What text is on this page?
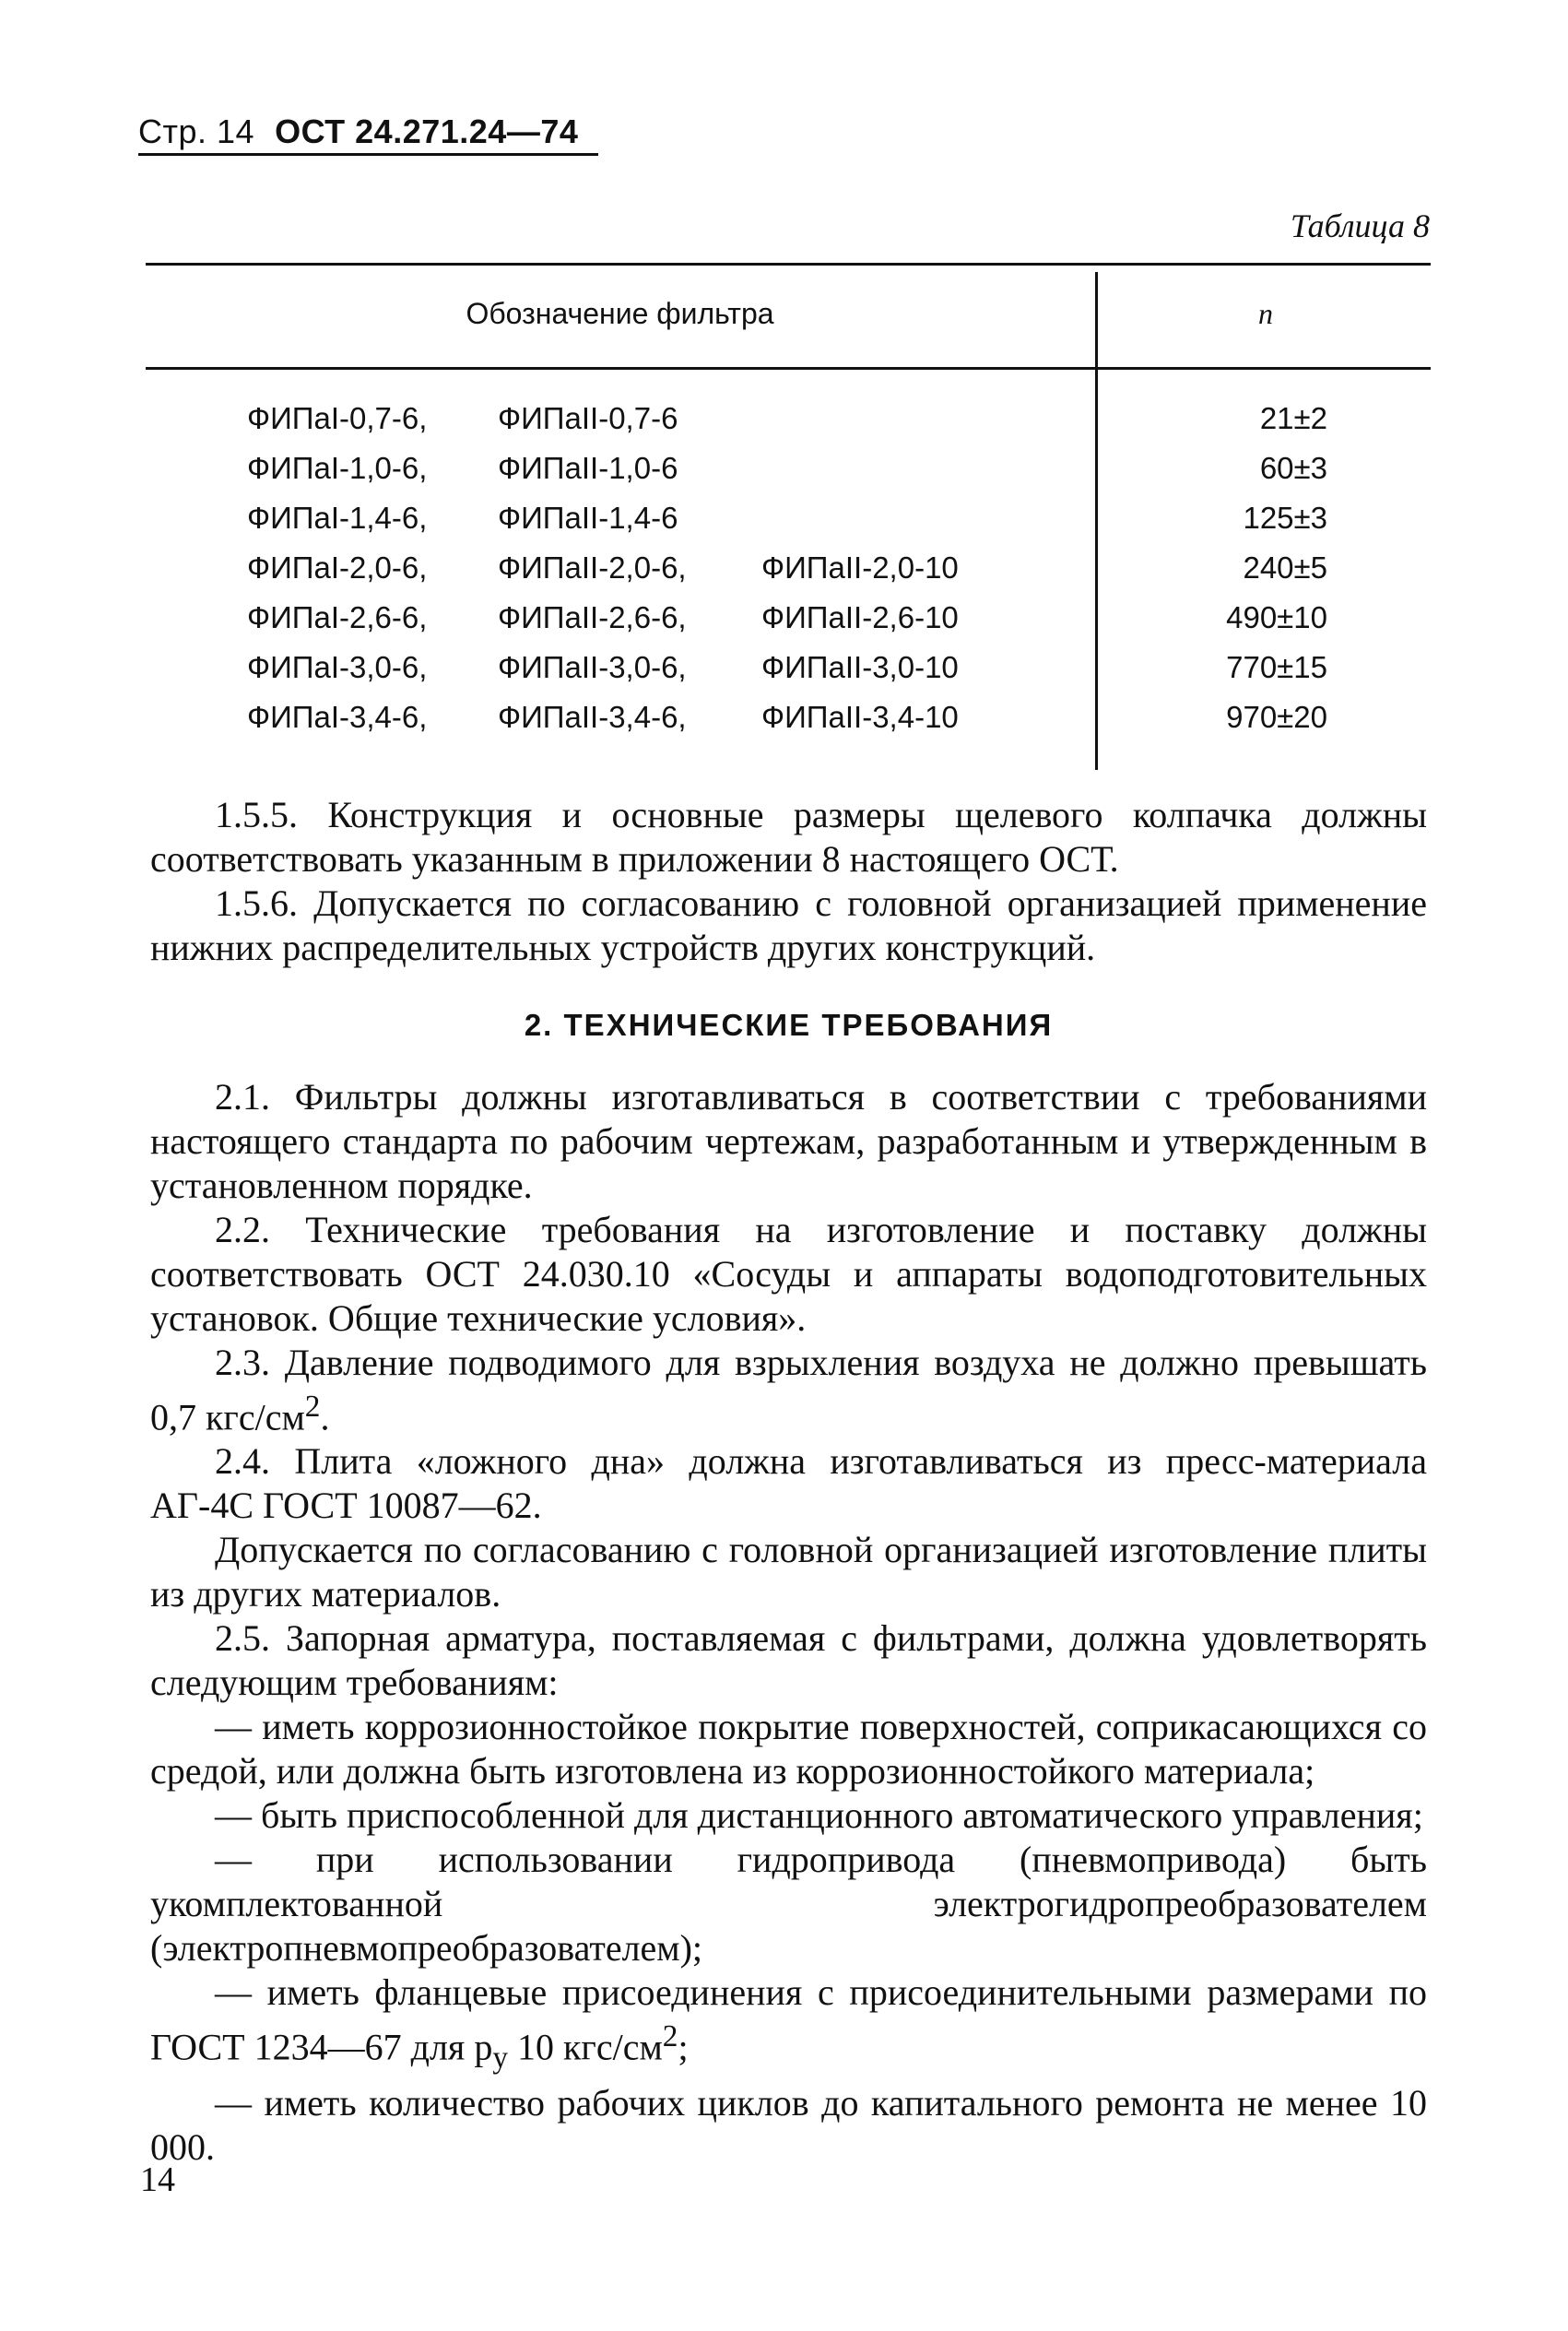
Стр. 14 ОСТ 24.271.24—74
Таблица 8
Обозначение фильтра	n
ФИПаI-0,7-6, ФИПаII-0,7-6	21±2
ФИПаI-1,0-6, ФИПаII-1,0-6	60±3
ФИПаI-1,4-6, ФИПаII-1,4-6	125±3
ФИПаI-2,0-6, ФИПаII-2,0-6, ФИПаII-2,0-10	240±5
ФИПаI-2,6-6, ФИПаII-2,6-6, ФИПаII-2,6-10	490±10
ФИПаI-3,0-6, ФИПаII-3,0-6, ФИПаII-3,0-10	770±15
ФИПаI-3,4-6, ФИПаII-3,4-6, ФИПаII-3,4-10	970±20

1.5.5. Конструкция и основные размеры щелевого колпачка должны соответствовать указанным в приложении 8 настоящего ОСТ.

1.5.6. Допускается по согласованию с головной организацией применение нижних распределительных устройств других конструкций.

2. ТЕХНИЧЕСКИЕ ТРЕБОВАНИЯ

2.1. Фильтры должны изготавливаться в соответствии с требованиями настоящего стандарта по рабочим чертежам, разработанным и утвержденным в установленном порядке.

2.2. Технические требования на изготовление и поставку должны соответствовать ОСТ 24.030.10 «Сосуды и аппараты водоподготовительных установок. Общие технические условия».

2.3. Давление подводимого для взрыхления воздуха не должно превышать 0,7 кгс/$см^2$.

2.4. Плита «ложного дна» должна изготавливаться из пресс-материала АГ-4С ГОСТ 10087—62.

Допускается по согласованию с головной организацией изготовление плиты из других материалов.

2.5. Запорная арматура, поставляемая с фильтрами, должна удовлетворять следующим требованиям:

— иметь коррозионностойкое покрытие поверхностей, соприкасающихся со средой, или должна быть изготовлена из коррозионностойкого материала;

— быть приспособленной для дистанционного автоматического управления;

— при использовании гидропривода (пневмопривода) быть укомплектованной электрогидропреобразователем (электропневмопреобразователем);

— иметь фланцевые присоединения с присоединительными размерами по ГОСТ 1234—67 для $р_у$ 10 кгс/$см^2$;

— иметь количество рабочих циклов до капитального ремонта не менее 10 000.

14
